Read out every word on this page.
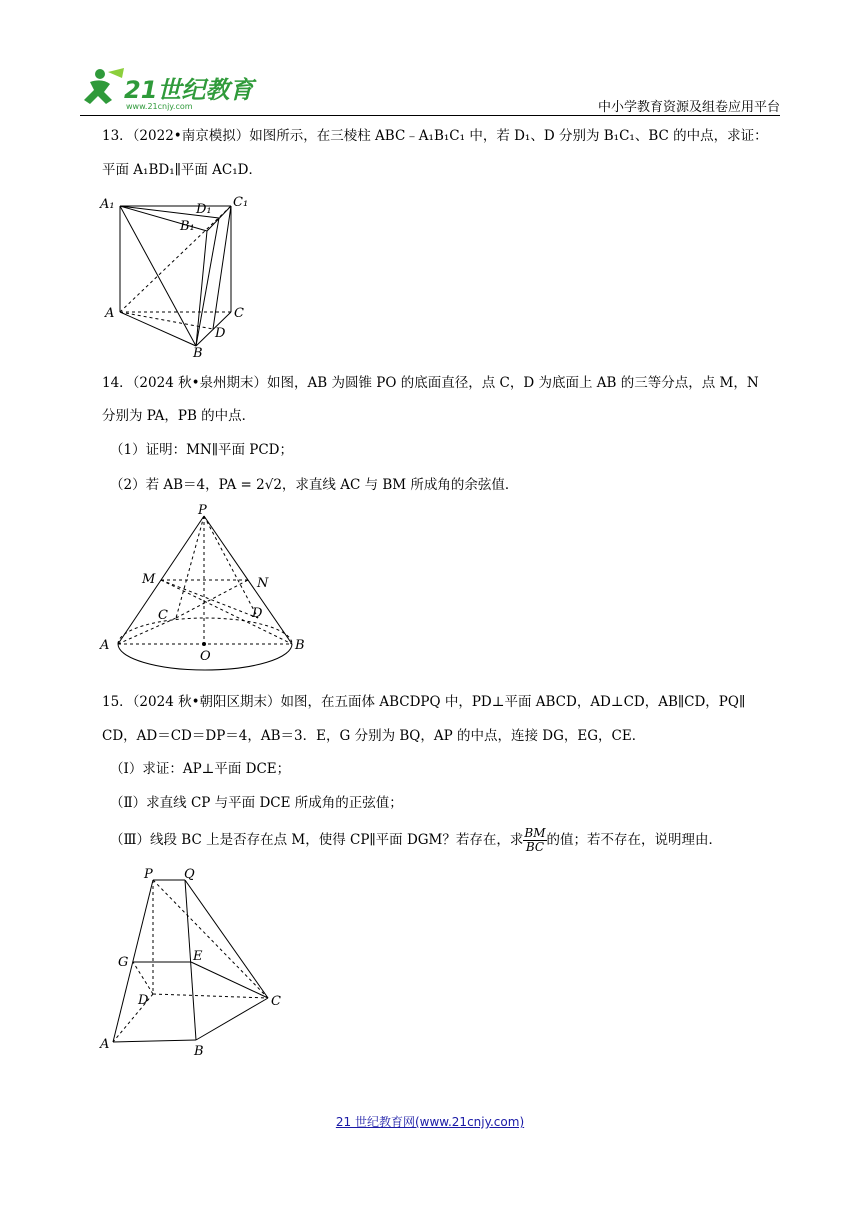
21世纪教育
www.21cnjy.com	中小学教育资源及组卷应用平台
13．（2022•南京模拟）如图所示，在三棱柱 ABC﹣A₁B₁C₁ 中，若 D₁、D 分别为 B₁C₁、BC 的中点，求证：
平面 A₁BD₁∥平面 AC₁D．
A₁	D₁ C₁
B₁
A	C
D
B
14．（2024 秋•泉州期末）如图，AB 为圆锥 PO 的底面直径，点 C，D 为底面上 AB 的三等分点，点 M，N
分别为 PA，PB 的中点．
（1）证明：MN∥平面 PCD；
（2）若 AB＝4，PA = 2√2，求直线 AC 与 BM 所成角的余弦值．
P
M	N
C	D
A
O
B
15．（2024 秋•朝阳区期末）如图，在五面体 ABCDPQ 中，PD⊥平面 ABCD，AD⊥CD，AB∥CD，PQ∥
CD，AD＝CD＝DP＝4，AB＝3．E，G 分别为 BQ，AP 的中点，连接 DG，EG，CE．
（Ⅰ）求证：AP⊥平面 DCE；
（Ⅱ）求直线 CP 与平面 DCE 所成角的正弦值；
（Ⅲ）线段 BC 上是否存在点 M，使得 CP∥平面 DGM？若存在，求 $\frac{BM}{BC}$ 的值；若不存在，说明理由．
P Q
G	E
D	C
A	B
21 世纪教育网(www.21cnjy.com)
